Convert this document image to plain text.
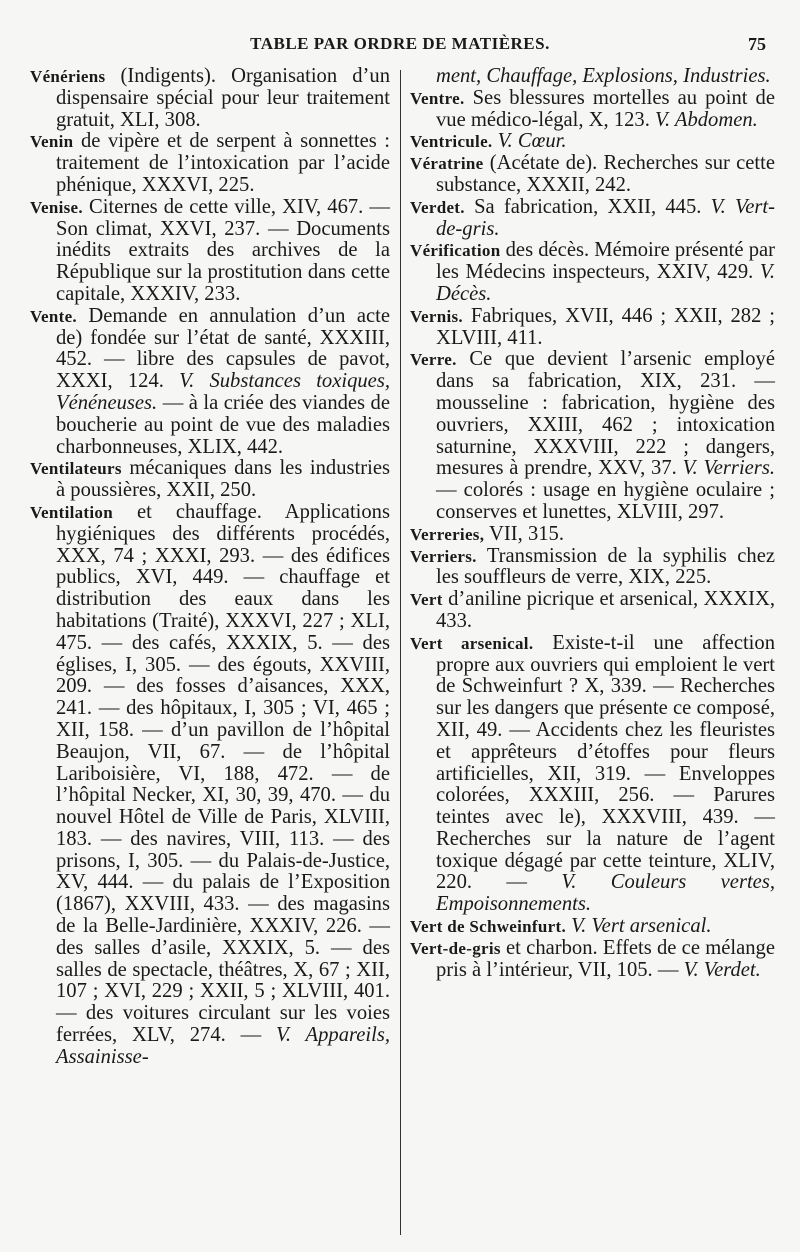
TABLE PAR ORDRE DE MATIÈRES.	75

Vénériens (Indigents). Organisation d’un dispensaire spécial pour leur traitement gratuit, XLI, 308.

Venin de vipère et de serpent à sonnettes : traitement de l’intoxication par l’acide phénique, XXXVI, 225.

Venise. Citernes de cette ville, XIV, 467. — Son climat, XXVI, 237. — Documents inédits extraits des archives de la République sur la prostitution dans cette capitale, XXXIV, 233.

Vente. Demande en annulation d’un acte de) fondée sur l’état de santé, XXXIII, 452. — libre des capsules de pavot, XXXI, 124. V. Substances toxiques, Vénéneuses. — à la criée des viandes de boucherie au point de vue des maladies charbonneuses, XLIX, 442.

Ventilateurs mécaniques dans les industries à poussières, XXII, 250.

Ventilation et chauffage. Applications hygiéniques des différents procédés, XXX, 74 ; XXXI, 293. — des édifices publics, XVI, 449. — chauffage et distribution des eaux dans les habitations (Traité), XXXVI, 227 ; XLI, 475. — des cafés, XXXIX, 5. — des églises, I, 305. — des égouts, XXVIII, 209. — des fosses d’aisances, XXX, 241. — des hôpitaux, I, 305 ; VI, 465 ; XII, 158. — d’un pavillon de l’hôpital Beaujon, VII, 67. — de l’hôpital Lariboisière, VI, 188, 472. — de l’hôpital Necker, XI, 30, 39, 470. — du nouvel Hôtel de Ville de Paris, XLVIII, 183. — des navires, VIII, 113. — des prisons, I, 305. — du Palais-de-Justice, XV, 444. — du palais de l’Exposition (1867), XXVIII, 433. — des magasins de la Belle-Jardinière, XXXIV, 226. — des salles d’asile, XXXIX, 5. — des salles de spectacle, théâtres, X, 67 ; XII, 107 ; XVI, 229 ; XXII, 5 ; XLVIII, 401. — des voitures circulant sur les voies ferrées, XLV, 274. — V. Appareils, Assainisse-

ment, Chauffage, Explosions, Industries.

Ventre. Ses blessures mortelles au point de vue médico-légal, X, 123. V. Abdomen.

Ventricule. V. Cœur.

Vératrine (Acétate de). Recherches sur cette substance, XXXII, 242.

Verdet. Sa fabrication, XXII, 445. V. Vert-de-gris.

Vérification des décès. Mémoire présenté par les Médecins inspecteurs, XXIV, 429. V. Décès.

Vernis. Fabriques, XVII, 446 ; XXII, 282 ; XLVIII, 411.

Verre. Ce que devient l’arsenic employé dans sa fabrication, XIX, 231. — mousseline : fabrication, hygiène des ouvriers, XXIII, 462 ; intoxication saturnine, XXXVIII, 222 ; dangers, mesures à prendre, XXV, 37. V. Verriers. — colorés : usage en hygiène oculaire ; conserves et lunettes, XLVIII, 297.

Verreries, VII, 315.

Verriers. Transmission de la syphilis chez les souffleurs de verre, XIX, 225.

Vert d’aniline picrique et arsenical, XXXIX, 433.

Vert arsenical. Existe-t-il une affection propre aux ouvriers qui emploient le vert de Schweinfurt ? X, 339. — Recherches sur les dangers que présente ce composé, XII, 49. — Accidents chez les fleuristes et apprêteurs d’étoffes pour fleurs artificielles, XII, 319. — Enveloppes colorées, XXXIII, 256. — Parures teintes avec le), XXXVIII, 439. — Recherches sur la nature de l’agent toxique dégagé par cette teinture, XLIV, 220. — V. Couleurs vertes, Empoisonnements.

Vert de Schweinfurt. V. Vert arsenical.

Vert-de-gris et charbon. Effets de ce mélange pris à l’intérieur, VII, 105. — V. Verdet.
